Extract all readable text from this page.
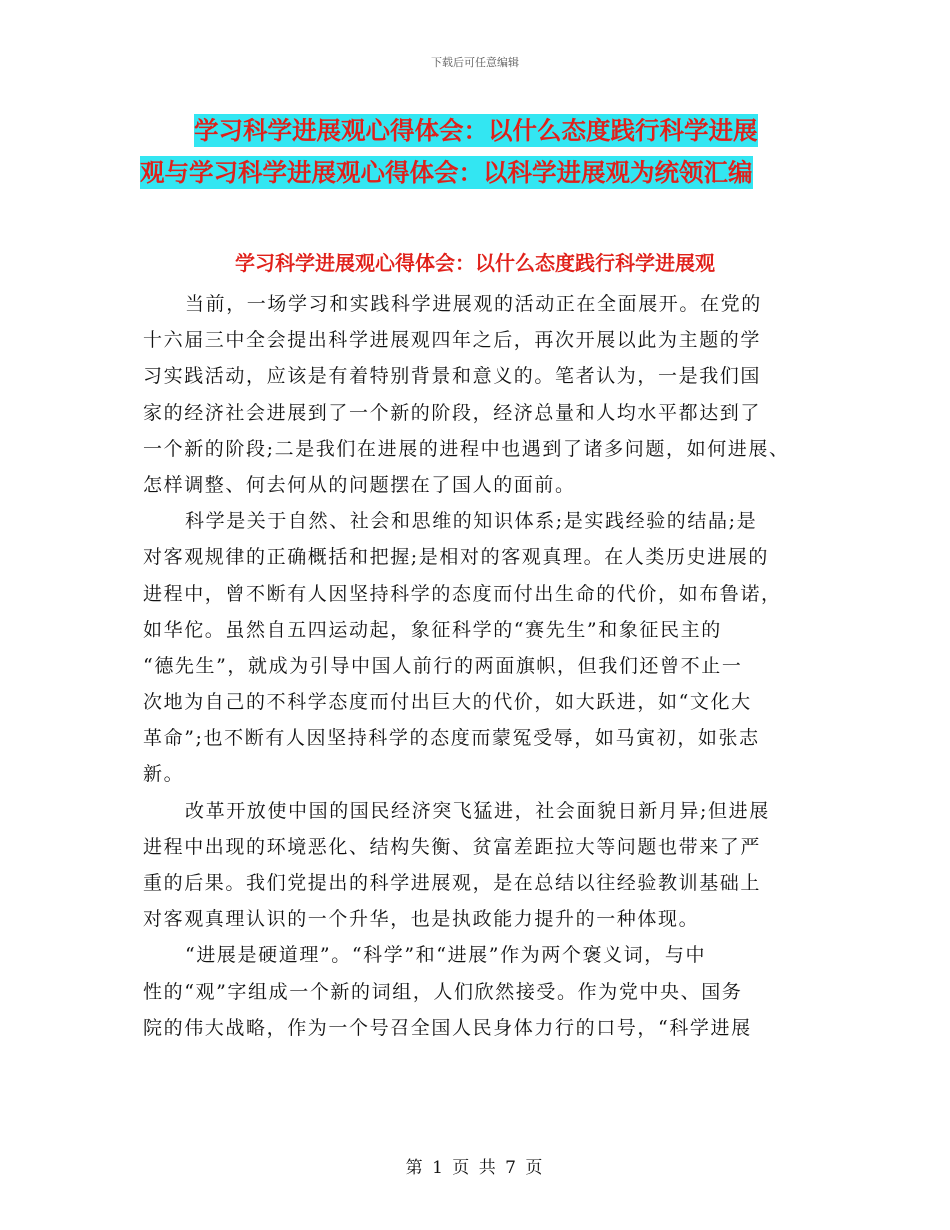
下载后可任意编辑
学习科学进展观心得体会：以什么态度践行科学进展
观与学习科学进展观心得体会：以科学进展观为统领汇编
学习科学进展观心得体会：以什么态度践行科学进展观
当前，一场学习和实践科学进展观的活动正在全面展开。在党的
十六届三中全会提出科学进展观四年之后，再次开展以此为主题的学
习实践活动，应该是有着特别背景和意义的。笔者认为，一是我们国
家的经济社会进展到了一个新的阶段，经济总量和人均水平都达到了
一个新的阶段;二是我们在进展的进程中也遇到了诸多问题，如何进展、
怎样调整、何去何从的问题摆在了国人的面前。
科学是关于自然、社会和思维的知识体系;是实践经验的结晶;是
对客观规律的正确概括和把握;是相对的客观真理。在人类历史进展的
进程中，曾不断有人因坚持科学的态度而付出生命的代价，如布鲁诺，
如华佗。虽然自五四运动起，象征科学的“赛先生”和象征民主的
“德先生”，就成为引导中国人前行的两面旗帜，但我们还曾不止一
次地为自己的不科学态度而付出巨大的代价，如大跃进，如“文化大
革命”;也不断有人因坚持科学的态度而蒙冤受辱，如马寅初，如张志
新。
改革开放使中国的国民经济突飞猛进，社会面貌日新月异;但进展
进程中出现的环境恶化、结构失衡、贫富差距拉大等问题也带来了严
重的后果。我们党提出的科学进展观，是在总结以往经验教训基础上
对客观真理认识的一个升华，也是执政能力提升的一种体现。
“进展是硬道理”。“科学”和“进展”作为两个褒义词，与中
性的“观”字组成一个新的词组，人们欣然接受。作为党中央、国务
院的伟大战略，作为一个号召全国人民身体力行的口号，“科学进展
第 1 页 共 7 页
